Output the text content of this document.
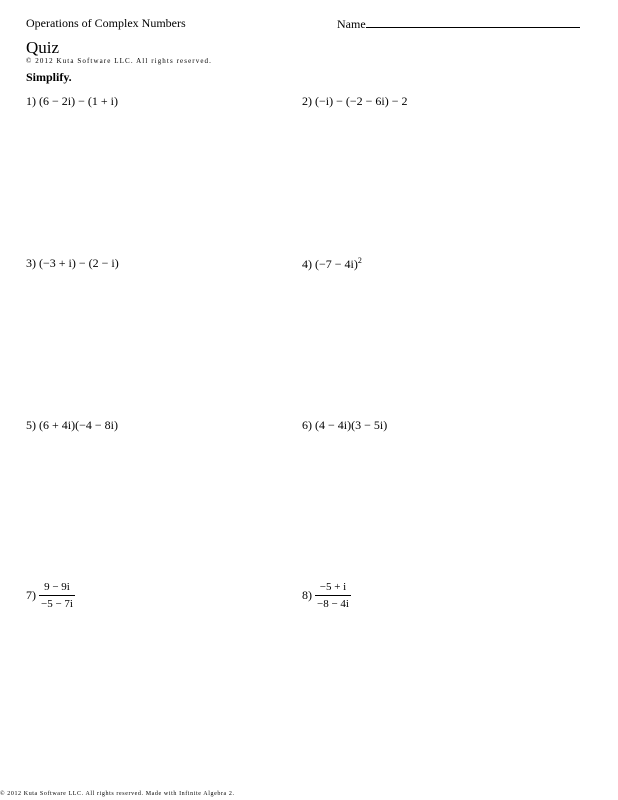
Operations of Complex Numbers	Name
Quiz
© 2012 Kuta Software LLC. All rights reserved.
Simplify.
1) (6 − 2i) − (1 + i)	2) (−i) − (−2 − 6i) − 2
3) (−3 + i) − (2 − i)	4) $(-7 - 4i)^2$
5) (6 + 4i)(−4 − 8i)	6) (4 − 4i)(3 − 5i)
$7) \frac{9 - 9i}{-5 - 7i}$	$8) \frac{-5 + i}{-8 - 4i}$
© 2012 Kuta Software LLC. All rights reserved. Made with Infinite Algebra 2.
